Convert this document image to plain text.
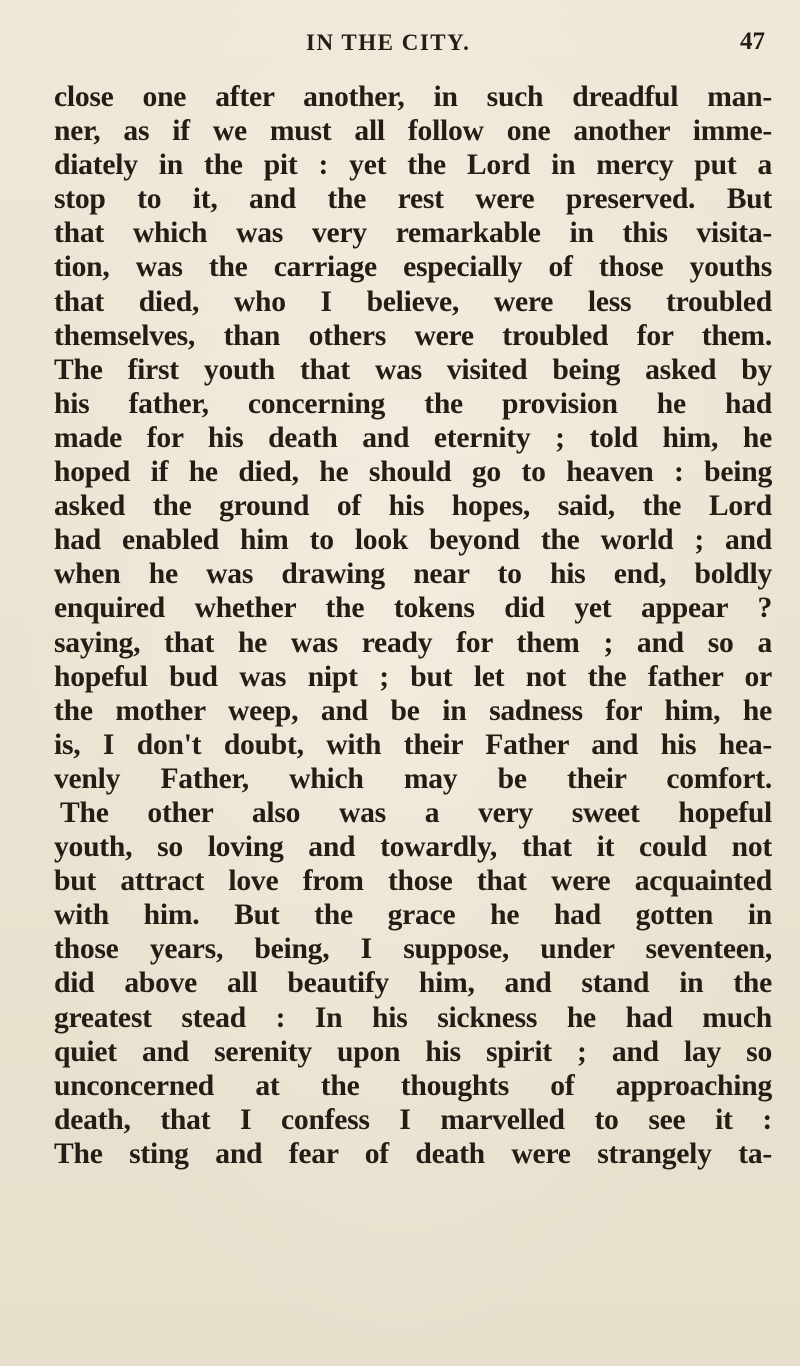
IN THE CITY.	47
close one after another, in such dreadful man-
ner, as if we must all follow one another imme-
diately in the pit : yet the Lord in mercy put a
stop to it, and the rest were preserved. But
that which was very remarkable in this visita-
tion, was the carriage especially of those youths
that died, who I believe, were less troubled
themselves, than others were troubled for them.
The first youth that was visited being asked by
his father, concerning the provision he had
made for his death and eternity ; told him, he
hoped if he died, he should go to heaven : being
asked the ground of his hopes, said, the Lord
had enabled him to look beyond the world ; and
when he was drawing near to his end, boldly
enquired whether the tokens did yet appear ?
saying, that he was ready for them ; and so a
hopeful bud was nipt ; but let not the father or
the mother weep, and be in sadness for him, he
is, I don't doubt, with their Father and his hea-
venly Father, which may be their comfort.
The other also was a very sweet hopeful
youth, so loving and towardly, that it could not
but attract love from those that were acquainted
with him. But the grace he had gotten in
those years, being, I suppose, under seventeen,
did above all beautify him, and stand in the
greatest stead : In his sickness he had much
quiet and serenity upon his spirit ; and lay so
unconcerned at the thoughts of approaching
death, that I confess I marvelled to see it :
The sting and fear of death were strangely ta-
